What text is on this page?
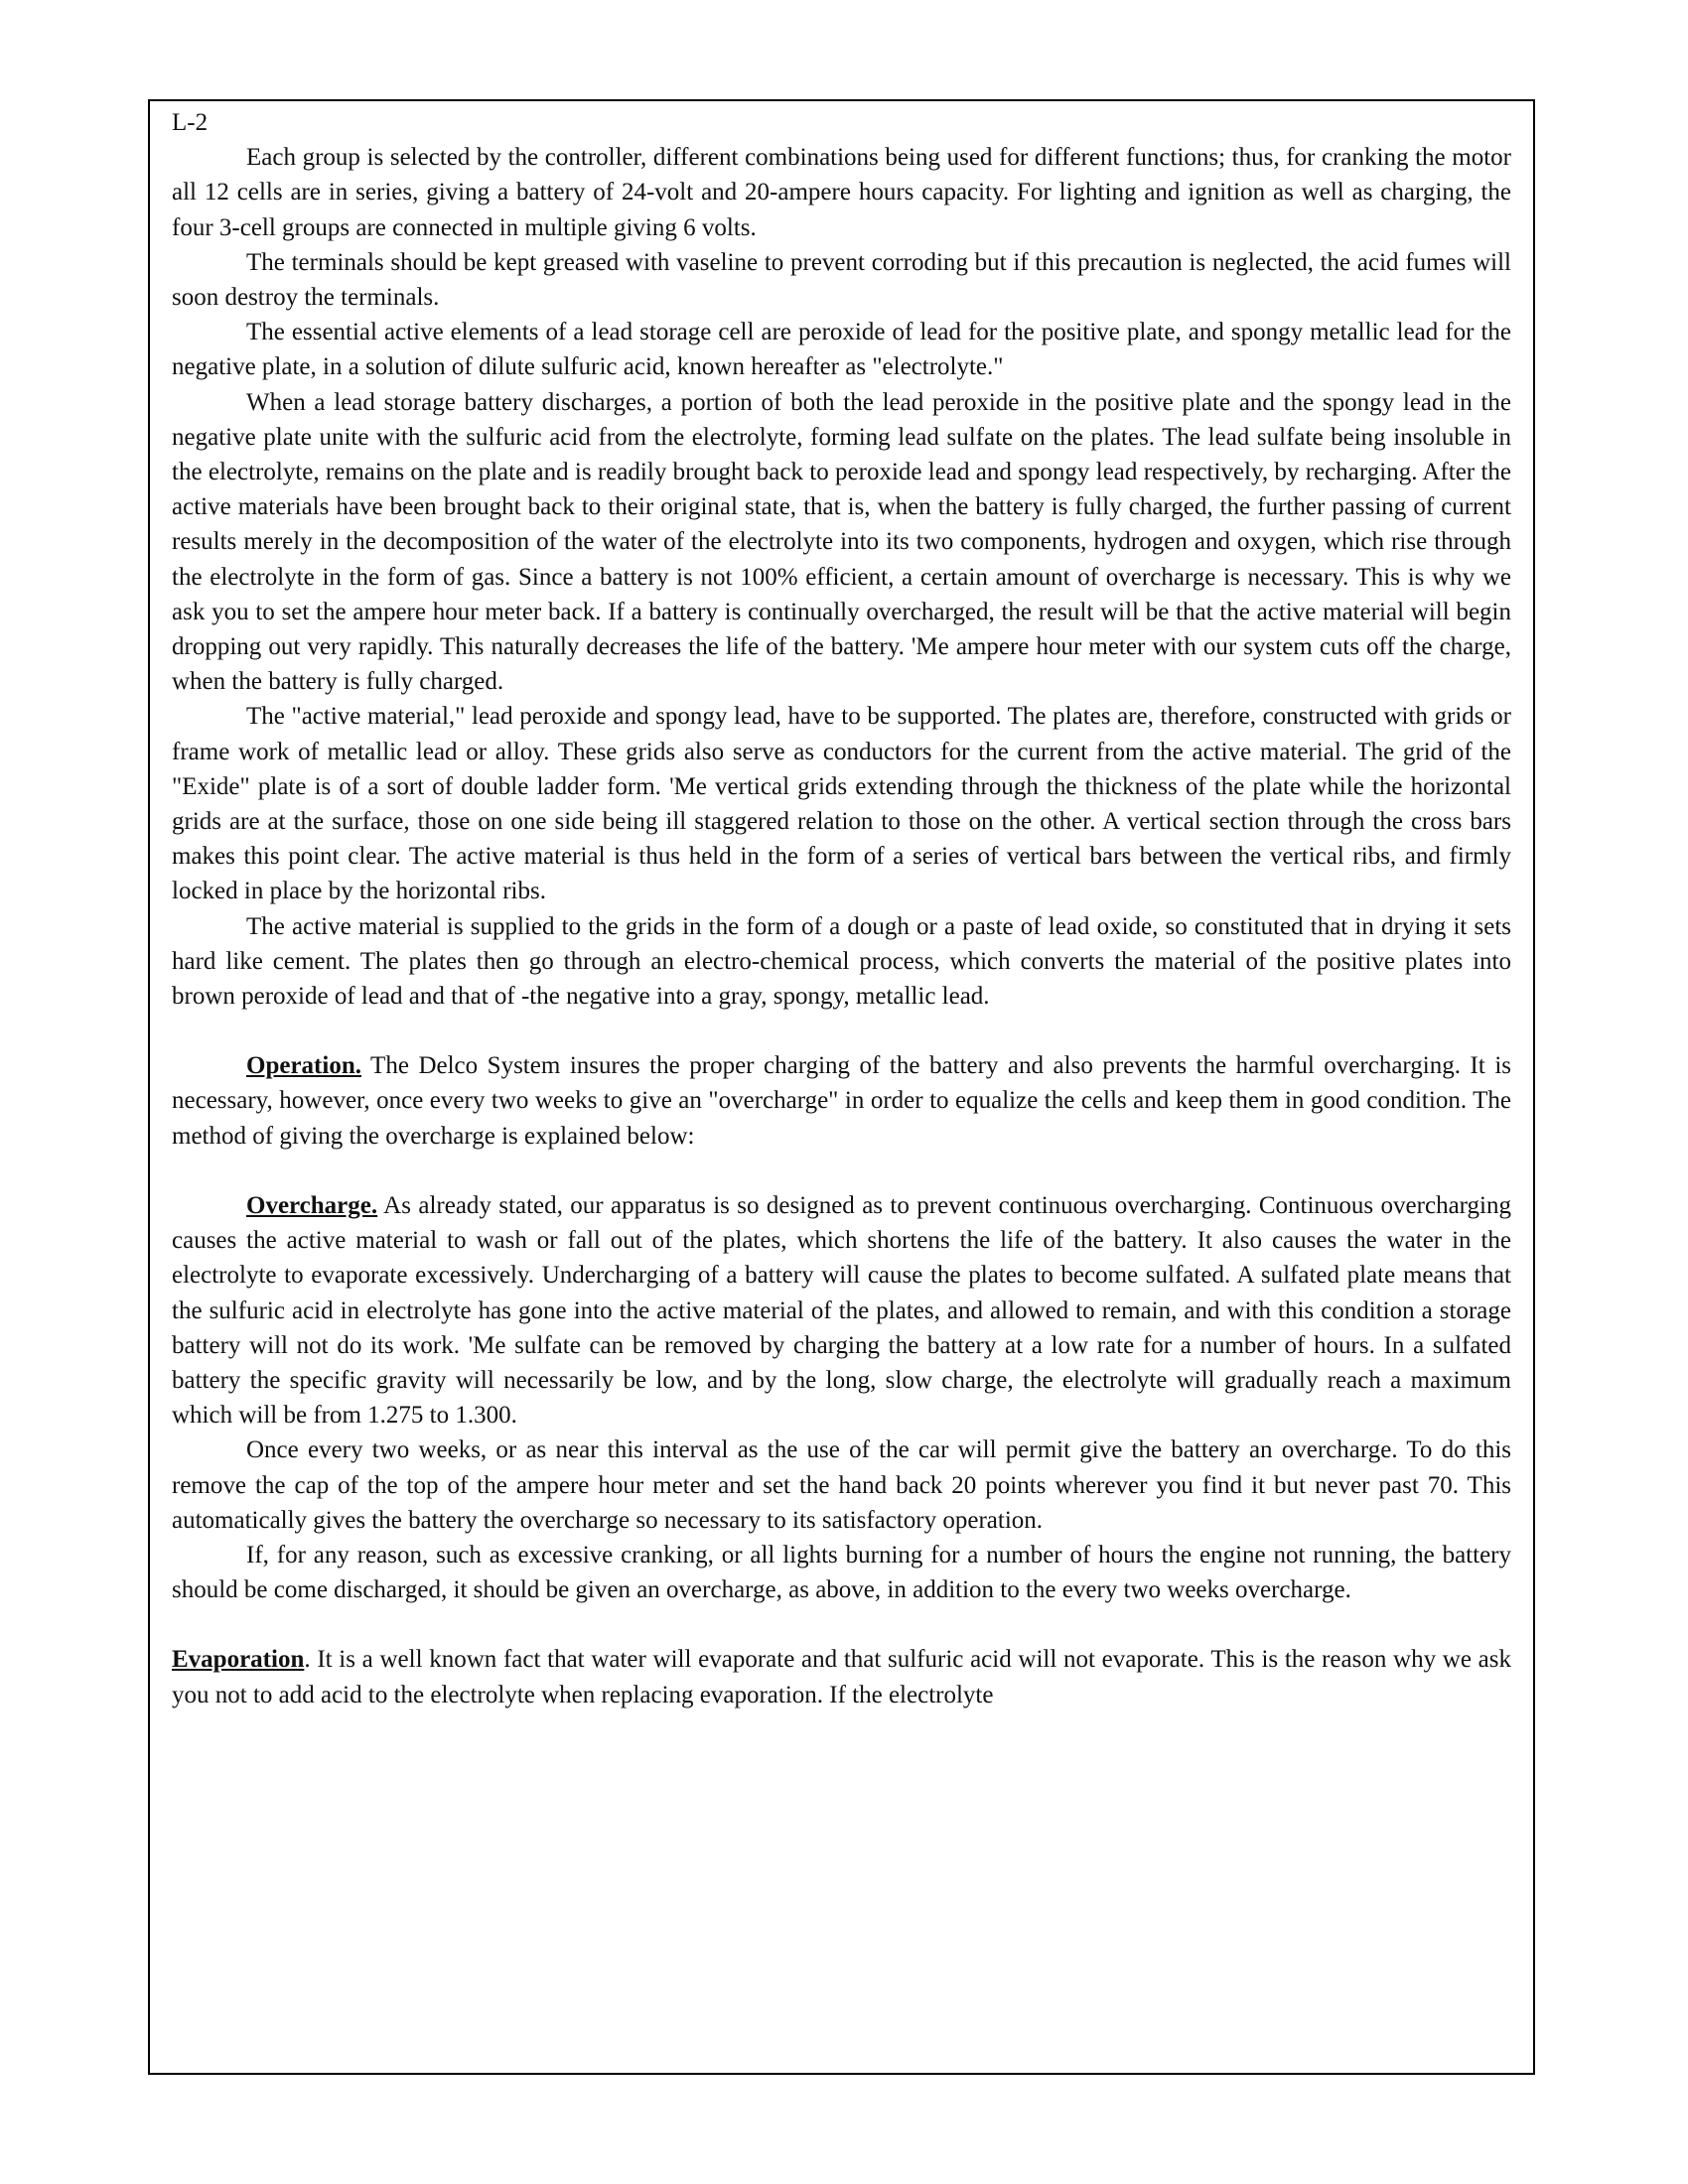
L-2

Each group is selected by the controller, different combinations being used for different functions; thus, for cranking the motor all 12 cells are in series, giving a battery of 24-volt and 20-ampere hours capacity. For lighting and ignition as well as charging, the four 3-cell groups are connected in multiple giving 6 volts.

The terminals should be kept greased with vaseline to prevent corroding but if this precaution is neglected, the acid fumes will soon destroy the terminals.

The essential active elements of a lead storage cell are peroxide of lead for the positive plate, and spongy metallic lead for the negative plate, in a solution of dilute sulfuric acid, known hereafter as "electrolyte."

When a lead storage battery discharges, a portion of both the lead peroxide in the positive plate and the spongy lead in the negative plate unite with the sulfuric acid from the electrolyte, forming lead sulfate on the plates. The lead sulfate being insoluble in the electrolyte, remains on the plate and is readily brought back to peroxide lead and spongy lead respectively, by recharging. After the active materials have been brought back to their original state, that is, when the battery is fully charged, the further passing of current results merely in the decomposition of the water of the electrolyte into its two components, hydrogen and oxygen, which rise through the electrolyte in the form of gas. Since a battery is not 100% efficient, a certain amount of overcharge is necessary. This is why we ask you to set the ampere hour meter back. If a battery is continually overcharged, the result will be that the active material will begin dropping out very rapidly. This naturally decreases the life of the battery. 'Me ampere hour meter with our system cuts off the charge, when the battery is fully charged.

The "active material," lead peroxide and spongy lead, have to be supported. The plates are, therefore, constructed with grids or frame work of metallic lead or alloy. These grids also serve as conductors for the current from the active material. The grid of the "Exide" plate is of a sort of double ladder form. 'Me vertical grids extending through the thickness of the plate while the horizontal grids are at the surface, those on one side being ill staggered relation to those on the other. A vertical section through the cross bars makes this point clear. The active material is thus held in the form of a series of vertical bars between the vertical ribs, and firmly locked in place by the horizontal ribs.

The active material is supplied to the grids in the form of a dough or a paste of lead oxide, so constituted that in drying it sets hard like cement. The plates then go through an electro-chemical process, which converts the material of the positive plates into brown peroxide of lead and that of -the negative into a gray, spongy, metallic lead.

Operation. The Delco System insures the proper charging of the battery and also prevents the harmful overcharging. It is necessary, however, once every two weeks to give an "overcharge" in order to equalize the cells and keep them in good condition. The method of giving the overcharge is explained below:

Overcharge. As already stated, our apparatus is so designed as to prevent continuous overcharging. Continuous overcharging causes the active material to wash or fall out of the plates, which shortens the life of the battery. It also causes the water in the electrolyte to evaporate excessively. Undercharging of a battery will cause the plates to become sulfated. A sulfated plate means that the sulfuric acid in electrolyte has gone into the active material of the plates, and allowed to remain, and with this condition a storage battery will not do its work. 'Me sulfate can be removed by charging the battery at a low rate for a number of hours. In a sulfated battery the specific gravity will necessarily be low, and by the long, slow charge, the electrolyte will gradually reach a maximum which will be from 1.275 to 1.300.

Once every two weeks, or as near this interval as the use of the car will permit give the battery an overcharge. To do this remove the cap of the top of the ampere hour meter and set the hand back 20 points wherever you find it but never past 70. This automatically gives the battery the overcharge so necessary to its satisfactory operation.

If, for any reason, such as excessive cranking, or all lights burning for a number of hours the engine not running, the battery should be come discharged, it should be given an overcharge, as above, in addition to the every two weeks overcharge.

Evaporation. It is a well known fact that water will evaporate and that sulfuric acid will not evaporate. This is the reason why we ask you not to add acid to the electrolyte when replacing evaporation. If the electrolyte
